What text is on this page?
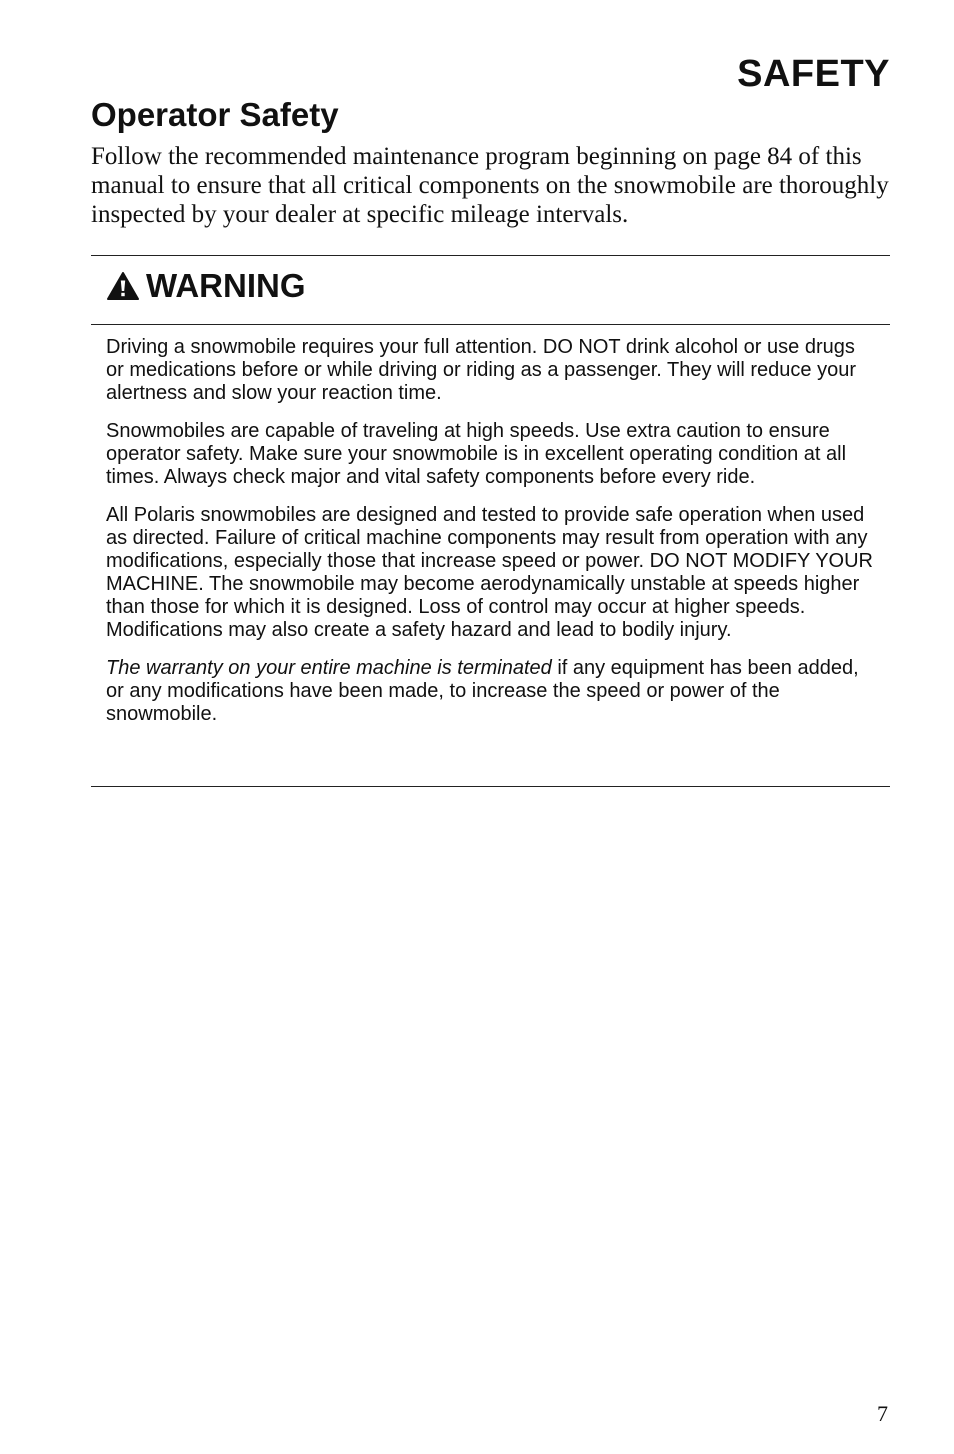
SAFETY
Operator Safety

Follow the recommended maintenance program beginning on page 84 of this manual to ensure that all critical components on the snowmobile are thoroughly inspected by your dealer at specific mileage intervals.

WARNING

Driving a snowmobile requires your full attention. DO NOT drink alcohol or use drugs or medications before or while driving or riding as a passenger. They will reduce your alertness and slow your reaction time.

Snowmobiles are capable of traveling at high speeds. Use extra caution to ensure operator safety. Make sure your snowmobile is in excellent operating condition at all times. Always check major and vital safety components before every ride.

All Polaris snowmobiles are designed and tested to provide safe operation when used as directed. Failure of critical machine components may result from operation with any modifications, especially those that increase speed or power. DO NOT MODIFY YOUR MACHINE. The snowmobile may become aerodynamically unstable at speeds higher than those for which it is designed. Loss of control may occur at higher speeds. Modifications may also create a safety hazard and lead to bodily injury.

The warranty on your entire machine is terminated if any equipment has been added, or any modifications have been made, to increase the speed or power of the snowmobile.

7
